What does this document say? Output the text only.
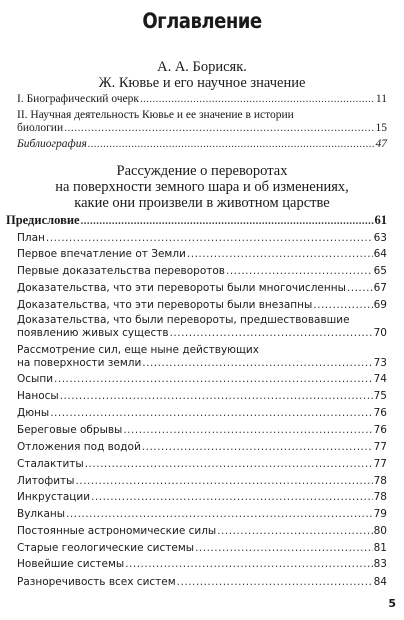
Оглавление
А. А. Борисяк.
Ж. Кювье и его научное значение
I. Биографический очерк .....	11
II. Научная деятельность Кювье и ее значение в истории
биологии .....	15
Библиография .....	47
Рассуждение о переворотах
на поверхности земного шара и об изменениях,
какие они произвели в животном царстве
Предисловие .....	61
План .....	63
Первое впечатление от Земли .....	64
Первые доказательства переворотов .....	65
Доказательства, что эти перевороты были многочисленны .....	67
Доказательства, что эти перевороты были внезапны .....	69
Доказательства, что были перевороты, предшествовавшие
появлению живых существ .....	70
Рассмотрение сил, еще ныне действующих
на поверхности земли .....	73
Осыпи .....	74
Наносы .....	75
Дюны .....	76
Береговые обрывы .....	76
Отложения под водой .....	77
Сталактиты .....	77
Литофиты .....	78
Инкрустации .....	78
Вулканы .....	79
Постоянные астрономические силы .....	80
Старые геологические системы .....	81
Новейшие системы .....	83
Разноречивость всех систем .....	84
5
